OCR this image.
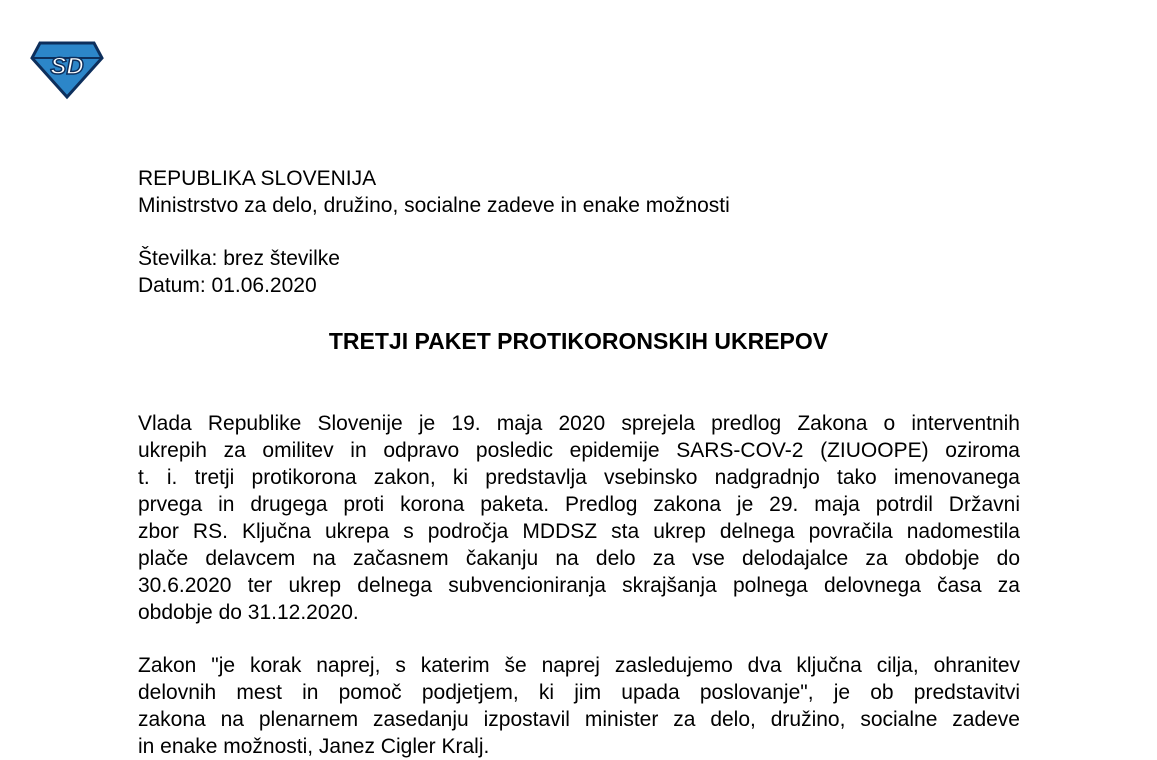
SD
REPUBLIKA SLOVENIJA
Ministrstvo za delo, družino, socialne zadeve in enake možnosti
Številka: brez številke
Datum: 01.06.2020
TRETJI PAKET PROTIKORONSKIH UKREPOV
Vlada Republike Slovenije je 19. maja 2020 sprejela predlog Zakona o interventnih
ukrepih za omilitev in odpravo posledic epidemije SARS-COV-2 (ZIUOOPE) oziroma
t. i. tretji protikorona zakon, ki predstavlja vsebinsko nadgradnjo tako imenovanega
prvega in drugega proti korona paketa. Predlog zakona je 29. maja potrdil Državni
zbor RS. Ključna ukrepa s področja MDDSZ sta ukrep delnega povračila nadomestila
plače delavcem na začasnem čakanju na delo za vse delodajalce za obdobje do
30.6.2020 ter ukrep delnega subvencioniranja skrajšanja polnega delovnega časa za
obdobje do 31.12.2020.
Zakon "je korak naprej, s katerim še naprej zasledujemo dva ključna cilja, ohranitev
delovnih mest in pomoč podjetjem, ki jim upada poslovanje", je ob predstavitvi
zakona na plenarnem zasedanju izpostavil minister za delo, družino, socialne zadeve
in enake možnosti, Janez Cigler Kralj.
